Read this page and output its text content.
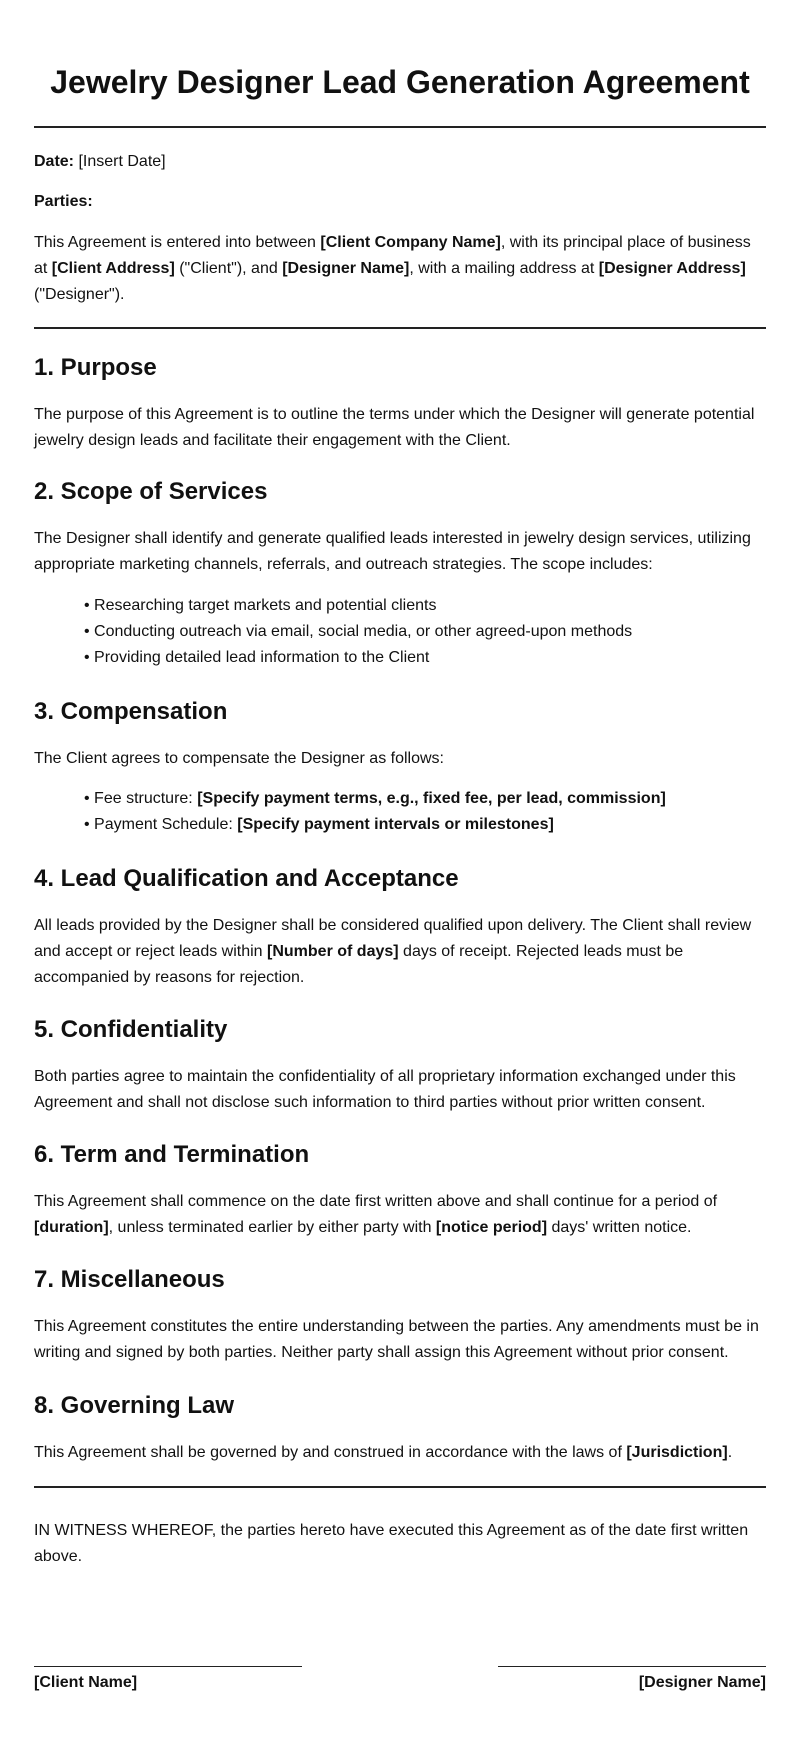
Jewelry Designer Lead Generation Agreement

Date: [Insert Date]

Parties:

This Agreement is entered into between [Client Company Name], with its principal place of business at [Client Address] ("Client"), and [Designer Name], with a mailing address at [Designer Address] ("Designer").

1. Purpose

The purpose of this Agreement is to outline the terms under which the Designer will generate potential jewelry design leads and facilitate their engagement with the Client.

2. Scope of Services

The Designer shall identify and generate qualified leads interested in jewelry design services, utilizing appropriate marketing channels, referrals, and outreach strategies. The scope includes:

• Researching target markets and potential clients
• Conducting outreach via email, social media, or other agreed-upon methods
• Providing detailed lead information to the Client
3. Compensation

The Client agrees to compensate the Designer as follows:

• Fee structure: [Specify payment terms, e.g., fixed fee, per lead, commission]
• Payment Schedule: [Specify payment intervals or milestones]
4. Lead Qualification and Acceptance

All leads provided by the Designer shall be considered qualified upon delivery. The Client shall review and accept or reject leads within [Number of days] days of receipt. Rejected leads must be accompanied by reasons for rejection.

5. Confidentiality

Both parties agree to maintain the confidentiality of all proprietary information exchanged under this Agreement and shall not disclose such information to third parties without prior written consent.

6. Term and Termination

This Agreement shall commence on the date first written above and shall continue for a period of [duration], unless terminated earlier by either party with [notice period] days' written notice.

7. Miscellaneous

This Agreement constitutes the entire understanding between the parties. Any amendments must be in writing and signed by both parties. Neither party shall assign this Agreement without prior consent.

8. Governing Law

This Agreement shall be governed by and construed in accordance with the laws of [Jurisdiction].

IN WITNESS WHEREOF, the parties hereto have executed this Agreement as of the date first written above.

[Client Name]	[Designer Name]
